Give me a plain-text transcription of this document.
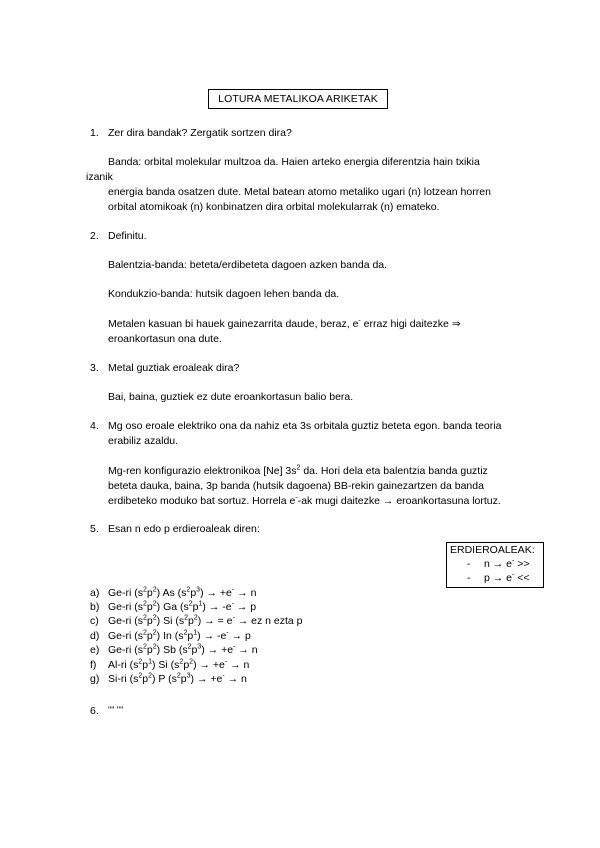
LOTURA METALIKOA ARIKETAK
1. Zer dira bandak? Zergatik sortzen dira?
Banda: orbital molekular multzoa da. Haien arteko energia diferentzia hain txikia
izanik
energia banda osatzen dute. Metal batean atomo metaliko ugari (n) lotzean horren
orbital atomikoak (n) konbinatzen dira orbital molekularrak (n) emateko.
2. Definitu.
Balentzia-banda: beteta/erdibeteta dagoen azken banda da.
Kondukzio-banda: hutsik dagoen lehen banda da.
Metalen kasuan bi hauek gainezarrita daude, beraz, e- erraz higi daitezke ⇒
eroankortasun ona dute.
3. Metal guztiak eroaleak dira?
Bai, baina, guztiek ez dute eroankortasun balio bera.
4. Mg oso eroale elektriko ona da nahiz eta 3s orbitala guztiz beteta egon. banda teoria
erabiliz azaldu.
Mg-ren konfigurazio elektronikoa [Ne] $3s^2$ da. Hori dela eta balentzia banda guztiz
beteta dauka, baina, 3p banda (hutsik dagoena) BB-rekin gainezartzen da banda
erdibeteko moduko bat sortuz. Horrela e--ak mugi daitezke → eroankortasuna lortuz.
5. Esan n edo p erdieroaleak diren:
ERDIEROALEAK:
- n → e- >>
- p → e- <<
a) Ge-ri $(s^2p^2)$ As $(s^2p^3) \to +e^- \to n$
b) Ge-ri $(s^2p^2)$ Ga $(s^2p^1) \to -e^- \to p$
c) Ge-ri $(s^2p^2)$ Si $(s^2p^2)$ → = e- → ez n ezta p
d) Ge-ri $(s^2p^2)$ In $(s^2p^1) \to -e^- \to p$
e) Ge-ri $(s^2p^2)$ Sb $(s^2p^3) \to +e^- \to n$
f) Al-ri $(s^2p^1)$ Si $(s^2p^2) \to +e^- \to n$
g) Si-ri $(s^2p^2)$ P $(s^2p^3) \to +e^- \to n$
6.	"" ""
